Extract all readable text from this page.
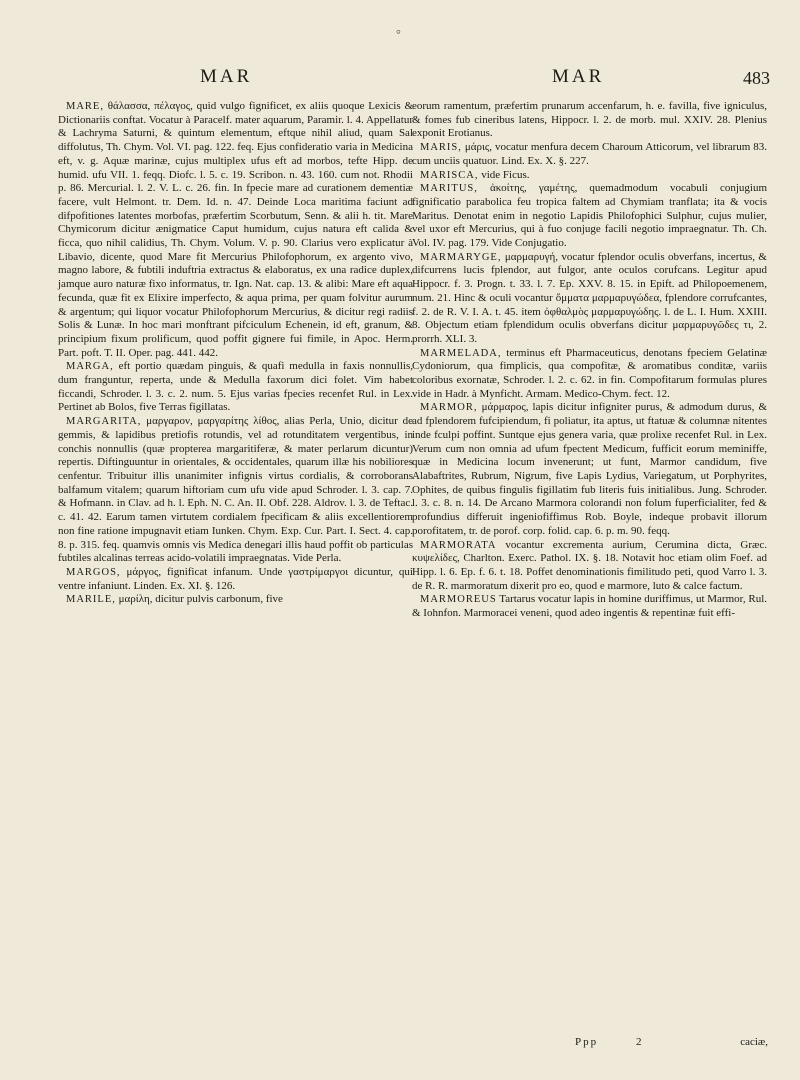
°
MAR	MAR	483

MARE, θάλασσα, πέλαγος, quid vulgo fignificet, ex aliis quoque Lexicis & Dictionariis conftat. Vocatur à Paracelf. mater aquarum, Paramir. l. 4. Appellatur & Lachryma Saturni, & quintum elementum, eftque nihil aliud, quam Sal diffolutus, Th. Chym. Vol. VI. pag. 122. feq. Ejus confideratio varia in Medicina eft, v. g. Aquæ marinæ, cujus multiplex ufus eft ad morbos, tefte Hipp. de humid. ufu VII. 1. feqq. Diofc. l. 5. c. 19. Scribon. n. 43. 160. cum not. Rhodii p. 86. Mercurial. l. 2. V. L. c. 26. fin. In fpecie mare ad curationem dementiæ facere, vult Helmont. tr. Dem. Id. n. 47. Deinde Loca maritima faciunt ad difpofitiones latentes morbofas, præfertim Scorbutum, Senn. & alii h. tit. Mare Chymicorum dicitur ænigmatice Caput humidum, cujus natura eft calida & ficca, quo nihil calidius, Th. Chym. Volum. V. p. 90. Clarius vero explicatur à Libavio, dicente, quod Mare fit Mercurius Philofophorum, ex argento vivo, magno labore, & fubtili induftria extractus & elaboratus, ex una radice duplex, jamque auro naturæ fixo informatus, tr. Ign. Nat. cap. 13. & alibi: Mare eft aqua fecunda, quæ fit ex Elixire imperfecto, & aqua prima, per quam folvitur aurum & argentum; qui liquor vocatur Philofophorum Mercurius, & dicitur regi radiis Solis & Lunæ. In hoc mari monftrant pifciculum Echenein, id eft, granum, & principium fixum prolificum, quod poffit gignere fui fimile, in Apoc. Herm. Part. poft. T. II. Oper. pag. 441. 442.

MARGA, eft portio quædam pinguis, & quafi medulla in faxis nonnullis, dum franguntur, reperta, unde & Medulla faxorum dici folet. Vim habet ficcandi, Schroder. l. 3. c. 2. num. 5. Ejus varias fpecies recenfet Rul. in Lex. Pertinet ab Bolos, five Terras figillatas.

MARGARITA, μαργαρον, μαργαρίτης λίθος, alias Perla, Unio, dicitur de gemmis, & lapidibus pretiofis rotundis, vel ad rotunditatem vergentibus, in conchis nonnullis (quæ propterea margaritiferæ, & mater perlarum dicuntur) repertis. Diftinguuntur in orientales, & occidentales, quarum illæ his nobiliores cenfentur. Tribuitur illis unanimiter infignis virtus cordialis, & corroborans balfamum vitalem; quarum hiftoriam cum ufu vide apud Schroder. l. 3. cap. 7. & Hofmann. in Clav. ad h. l. Eph. N. C. An. II. Obf. 228. Aldrov. l. 3. de Teftac. c. 41. 42. Earum tamen virtutem cordialem fpecificam & aliis excellentiorem non fine ratione impugnavit etiam Iunken. Chym. Exp. Cur. Part. I. Sect. 4. cap. 8. p. 315. feq. quamvis omnis vis Medica denegari illis haud poffit ob particulas fubtiles alcalinas terreas acido-volatili impraegnatas. Vide Perla.

MARGOS, μάργος, fignificat infanum. Unde γαστρίμαργοι dicuntur, qui ventre infaniunt. Linden. Ex. XI. §. 126.

MARILE, μαρίλη, dicitur pulvis carbonum, five

eorum ramentum, præfertim prunarum accenfarum, h. e. favilla, five igniculus, & fomes fub cineribus latens, Hippocr. l. 2. de morb. mul. XXIV. 28. Plenius exponit Erotianus.

MARIS, μάρις, vocatur menfura decem Charoum Atticorum, vel librarum 83. cum unciis quatuor. Lind. Ex. X. §. 227.

MARISCA, vide Ficus.

MARITUS, ἀκοίτης, γαμέτης, quemadmodum vocabuli conjugium fignificatio parabolica feu tropica faltem ad Chymiam tranflata; ita & vocis Maritus. Denotat enim in negotio Lapidis Philofophici Sulphur, cujus mulier, vel uxor eft Mercurius, qui à fuo conjuge facili negotio impraegnatur. Th. Ch. Vol. IV. pag. 179. Vide Conjugatio.

MARMARYGE, μαρμαρυγή, vocatur fplendor oculis obverfans, incertus, & difcurrens lucis fplendor, aut fulgor, ante oculos corufcans. Legitur apud Hippocr. f. 3. Progn. t. 33. l. 7. Ep. XXV. 8. 15. in Epift. ad Philopoemenem, num. 21. Hinc & oculi vocantur ὄμματα μαρμαρυγώδεα, fplendore corrufcantes, f. 2. de R. V. I. A. t. 45. item ὀφθαλμὸς μαρμαρυγώδης. l. de L. I. Hum. XXIII. 8. Objectum etiam fplendidum oculis obverfans dicitur μαρμαρυγῶδες τι, 2. prorrh. XLI. 3.

MARMELADA, terminus eft Pharmaceuticus, denotans fpeciem Gelatinæ Cydoniorum, qua fimplicis, qua compofitæ, & aromatibus conditæ, variis coloribus exornatæ, Schroder. l. 2. c. 62. in fin. Compofitarum formulas plures vide in Hadr. à Mynficht. Armam. Medico-Chym. fect. 12.

MARMOR, μάρμαρος, lapis dicitur infigniter purus, & admodum durus, & ad fplendorem fufcipiendum, fi poliatur, ita aptus, ut ftatuæ & columnæ nitentes inde fculpi poffint. Suntque ejus genera varia, quæ prolixe recenfet Rul. in Lex. Verum cum non omnia ad ufum fpectent Medicum, fufficit eorum meminiffe, quæ in Medicina locum invenerunt; ut funt, Marmor candidum, five Alabaftrites, Rubrum, Nigrum, five Lapis Lydius, Variegatum, ut Porphyrites, Ophites, de quibus fingulis figillatim fub literis fuis initialibus. Jung. Schroder. l. 3. c. 8. n. 14. De Arcano Marmora colorandi non folum fuperficialiter, fed & profundius differuit ingeniofiffimus Rob. Boyle, indeque probavit illorum porofitatem, tr. de porof. corp. folid. cap. 6. p. m. 90. feqq.

MARMORATA vocantur excrementa aurium, Cerumina dicta, Græc. κυψελίδες, Charlton. Exerc. Pathol. IX. §. 18. Notavit hoc etiam olim Foef. ad Hipp. l. 6. Ep. f. 6. t. 18. Poffet denominationis fimilitudo peti, quod Varro l. 3. de R. R. marmoratum dixerit pro eo, quod e marmore, luto & calce factum.

MARMOREUS Tartarus vocatur lapis in homine duriffimus, ut Marmor, Rul. & Iohnfon. Marmoracei veneni, quod adeo ingentis & repentinæ fuit effi-

Ppp	2	caciæ,
